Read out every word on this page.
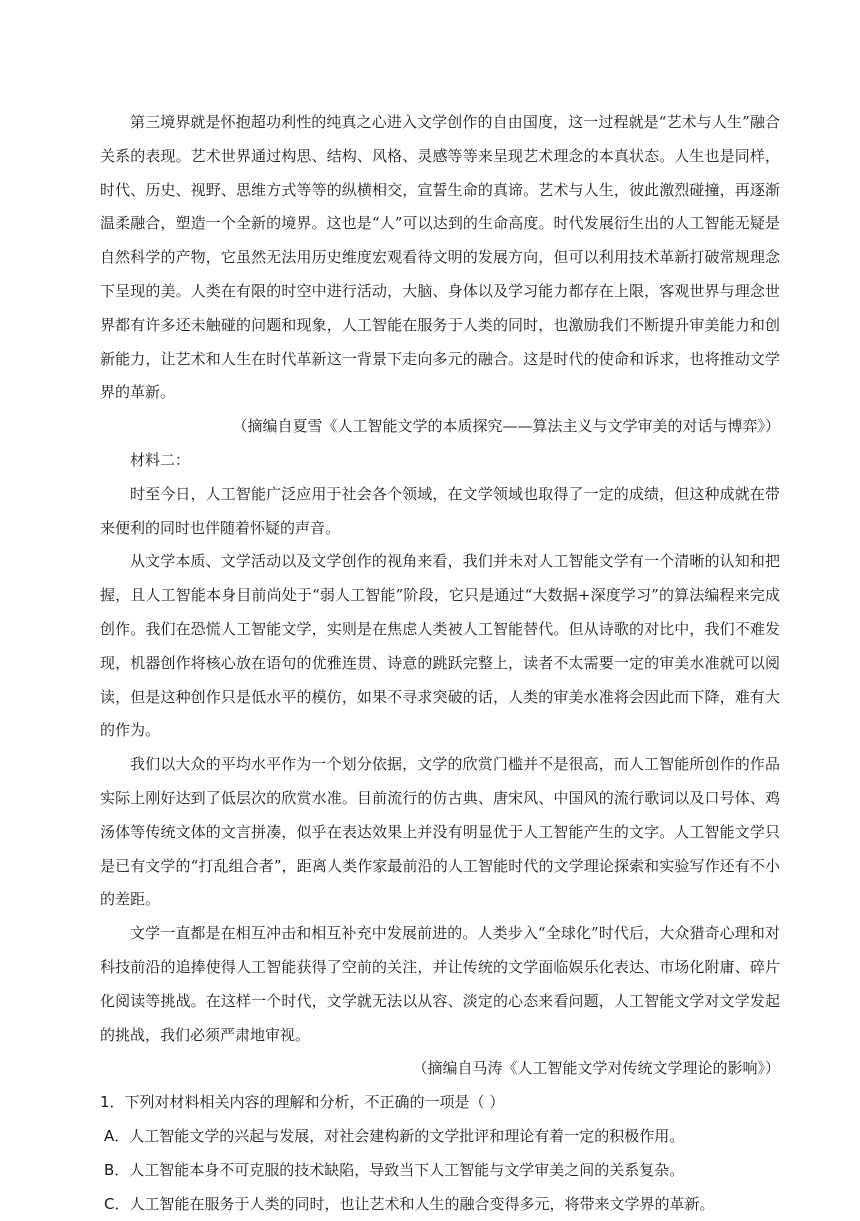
第三境界就是怀抱超功利性的纯真之心进入文学创作的自由国度，这一过程就是“艺术与人生”融合关系的表现。艺术世界通过构思、结构、风格、灵感等等来呈现艺术理念的本真状态。人生也是同样，时代、历史、视野、思维方式等等的纵横相交，宣誓生命的真谛。艺术与人生，彼此激烈碰撞，再逐渐温柔融合，塑造一个全新的境界。这也是“人”可以达到的生命高度。时代发展衍生出的人工智能无疑是自然科学的产物，它虽然无法用历史维度宏观看待文明的发展方向，但可以利用技术革新打破常规理念下呈现的美。人类在有限的时空中进行活动，大脑、身体以及学习能力都存在上限，客观世界与理念世界都有许多还未触碰的问题和现象，人工智能在服务于人类的同时，也激励我们不断提升审美能力和创新能力，让艺术和人生在时代革新这一背景下走向多元的融合。这是时代的使命和诉求，也将推动文学界的革新。

（摘编自夏雪《人工智能文学的本质探究——算法主义与文学审美的对话与博弈》）

材料二：

时至今日，人工智能广泛应用于社会各个领域，在文学领域也取得了一定的成绩，但这种成就在带来便利的同时也伴随着怀疑的声音。

从文学本质、文学活动以及文学创作的视角来看，我们并未对人工智能文学有一个清晰的认知和把握，且人工智能本身目前尚处于“弱人工智能”阶段，它只是通过“大数据+深度学习”的算法编程来完成创作。我们在恐慌人工智能文学，实则是在焦虑人类被人工智能替代。但从诗歌的对比中，我们不难发现，机器创作将核心放在语句的优雅连贯、诗意的跳跃完整上，读者不太需要一定的审美水准就可以阅读，但是这种创作只是低水平的模仿，如果不寻求突破的话，人类的审美水准将会因此而下降，难有大的作为。

我们以大众的平均水平作为一个划分依据，文学的欣赏门槛并不是很高，而人工智能所创作的作品实际上刚好达到了低层次的欣赏水准。目前流行的仿古典、唐宋风、中国风的流行歌词以及口号体、鸡汤体等传统文体的文言拼凑，似乎在表达效果上并没有明显优于人工智能产生的文字。人工智能文学只是已有文学的“打乱组合者”，距离人类作家最前沿的人工智能时代的文学理论探索和实验写作还有不小的差距。

文学一直都是在相互冲击和相互补充中发展前进的。人类步入“全球化”时代后，大众猎奇心理和对科技前沿的追捧使得人工智能获得了空前的关注，并让传统的文学面临娱乐化表达、市场化附庸、碎片化阅读等挑战。在这样一个时代，文学就无法以从容、淡定的心态来看问题，人工智能文学对文学发起的挑战，我们必须严肃地审视。

（摘编自马涛《人工智能文学对传统文学理论的影响》）

1．下列对材料相关内容的理解和分析，不正确的一项是（ ）

A．人工智能文学的兴起与发展，对社会建构新的文学批评和理论有着一定的积极作用。

B．人工智能本身不可克服的技术缺陷，导致当下人工智能与文学审美之间的关系复杂。

C．人工智能在服务于人类的同时，也让艺术和人生的融合变得多元，将带来文学界的革新。
